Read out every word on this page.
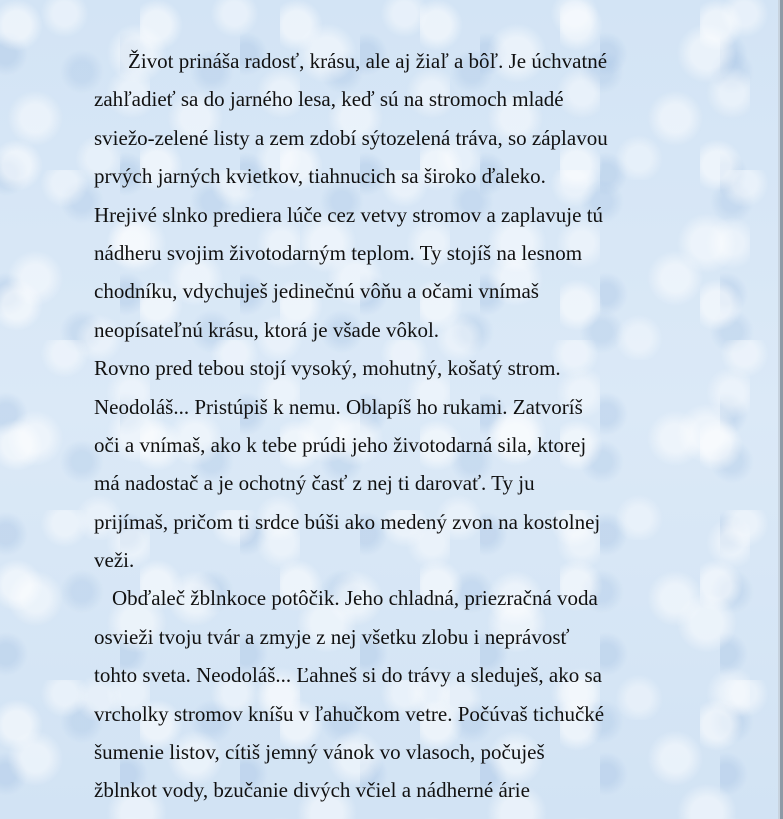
Život prináša radosť, krásu, ale aj žiaľ a bôľ. Je úchvatné
zahľadieť sa do jarného lesa, keď sú na stromoch mladé
sviežo-zelené listy a zem zdobí sýtozelená tráva, so záplavou
prvých jarných kvietkov, tiahnucich sa široko ďaleko.
Hrejivé slnko prediera lúče cez vetvy stromov a zaplavuje tú
nádheru svojim životodarným teplom. Ty stojíš na lesnom
chodníku, vdychuješ jedinečnú vôňu a očami vnímaš
neopísateľnú krásu, ktorá je všade vôkol.
Rovno pred tebou stojí vysoký, mohutný, košatý strom.
Neodoláš... Pristúpiš k nemu. Oblapíš ho rukami. Zatvoríš
oči a vnímaš, ako k tebe prúdi jeho životodarná sila, ktorej
má nadostač a je ochotný časť z nej ti darovať. Ty ju
prijímaš, pričom ti srdce búši ako medený zvon na kostolnej
veži.
Obďaleč žblnkoce potôčik. Jeho chladná, priezračná voda
osvieži tvoju tvár a zmyje z nej všetku zlobu i neprávosť
tohto sveta. Neodoláš... Ľahneš si do trávy a sleduješ, ako sa
vrcholky stromov kníšu v ľahučkom vetre. Počúvaš tichučké
šumenie listov, cítiš jemný vánok vo vlasoch, počuješ
žblnkot vody, bzučanie divých včiel a nádherné árie
